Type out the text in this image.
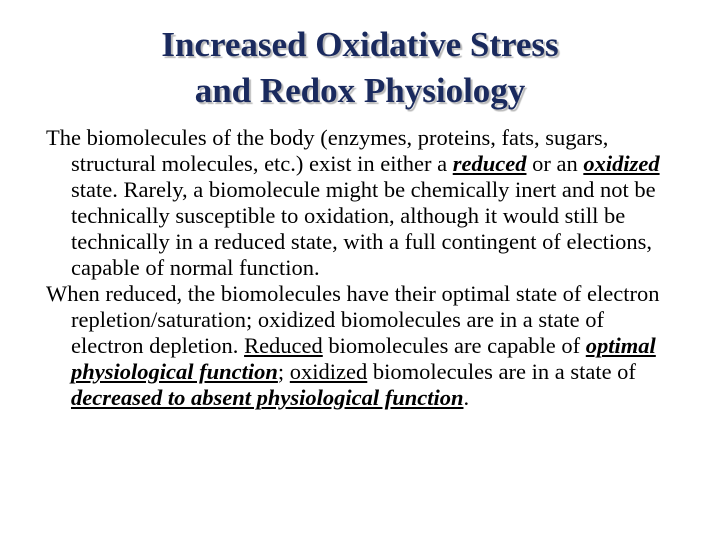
Increased Oxidative Stress
and Redox Physiology

The biomolecules of the body (enzymes, proteins, fats, sugars, structural molecules, etc.) exist in either a reduced or an oxidized state. Rarely, a biomolecule might be chemically inert and not be technically susceptible to oxidation, although it would still be technically in a reduced state, with a full contingent of elections, capable of normal function.

When reduced, the biomolecules have their optimal state of electron repletion/saturation; oxidized biomolecules are in a state of electron depletion. Reduced biomolecules are capable of optimal physiological function; oxidized biomolecules are in a state of decreased to absent physiological function.
